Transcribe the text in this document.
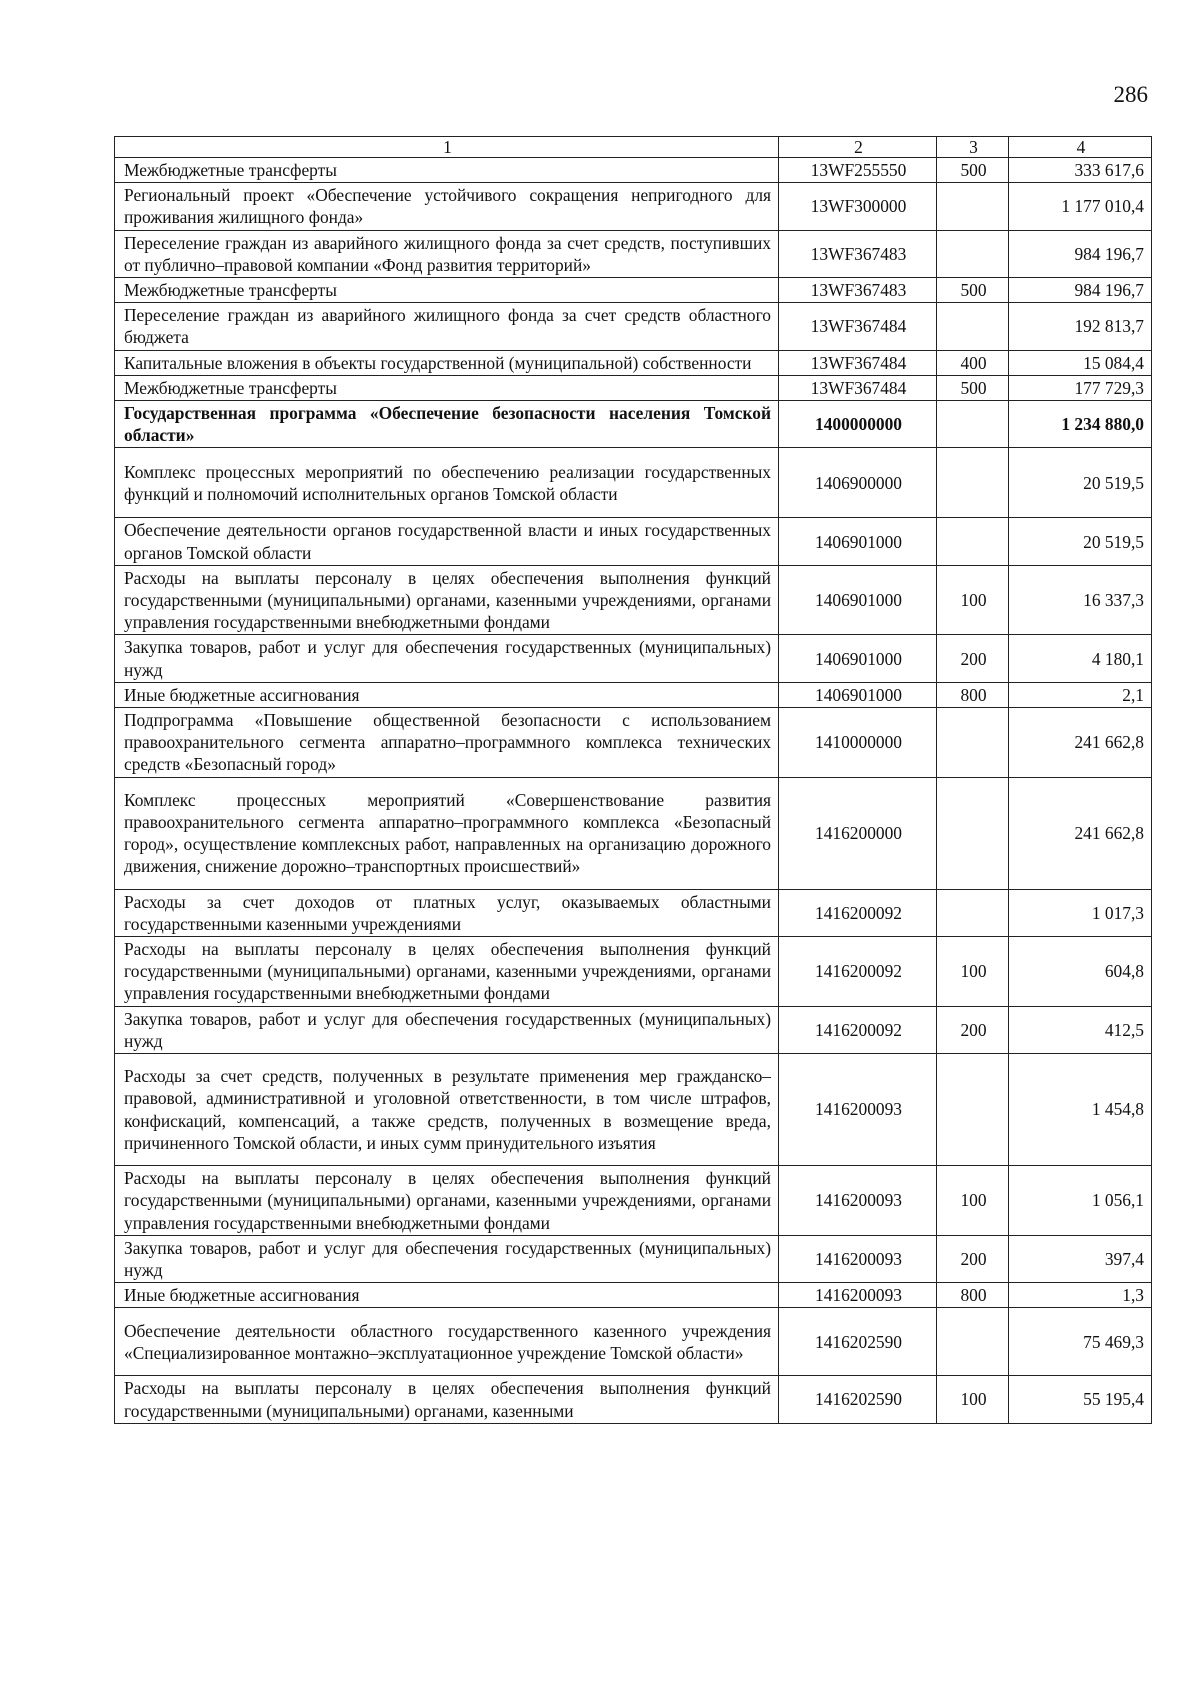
286
1	2	3	4
Межбюджетные трансферты	13WF255550	500	333 617,6
Региональный проект «Обеспечение устойчивого сокращения непригодного для проживания жилищного фонда»	13WF300000		1 177 010,4
Переселение граждан из аварийного жилищного фонда за счет средств, поступивших от публично–правовой компании «Фонд развития территорий»	13WF367483		984 196,7
Межбюджетные трансферты	13WF367483	500	984 196,7
Переселение граждан из аварийного жилищного фонда за счет средств областного бюджета	13WF367484		192 813,7
Капитальные вложения в объекты государственной (муниципальной) собственности	13WF367484	400	15 084,4
Межбюджетные трансферты	13WF367484	500	177 729,3
Государственная программа «Обеспечение безопасности населения Томской области»	1400000000		1 234 880,0
Комплекс процессных мероприятий по обеспечению реализации государственных функций и полномочий исполнительных органов Томской области	1406900000		20 519,5
Обеспечение деятельности органов государственной власти и иных государственных органов Томской области	1406901000		20 519,5
Расходы на выплаты персоналу в целях обеспечения выполнения функций государственными (муниципальными) органами, казенными учреждениями, органами управления государственными внебюджетными фондами	1406901000	100	16 337,3
Закупка товаров, работ и услуг для обеспечения государственных (муниципальных) нужд	1406901000	200	4 180,1
Иные бюджетные ассигнования	1406901000	800	2,1
Подпрограмма «Повышение общественной безопасности с использованием правоохранительного сегмента аппаратно–программного комплекса технических средств «Безопасный город»	1410000000		241 662,8
Комплекс процессных мероприятий «Совершенствование развития правоохранительного сегмента аппаратно–программного комплекса «Безопасный город», осуществление комплексных работ, направленных на организацию дорожного движения, снижение дорожно–транспортных происшествий»	1416200000		241 662,8
Расходы за счет доходов от платных услуг, оказываемых областными государственными казенными учреждениями	1416200092		1 017,3
Расходы на выплаты персоналу в целях обеспечения выполнения функций государственными (муниципальными) органами, казенными учреждениями, органами управления государственными внебюджетными фондами	1416200092	100	604,8
Закупка товаров, работ и услуг для обеспечения государственных (муниципальных) нужд	1416200092	200	412,5
Расходы за счет средств, полученных в результате применения мер гражданско–правовой, административной и уголовной ответственности, в том числе штрафов, конфискаций, компенсаций, а также средств, полученных в возмещение вреда, причиненного Томской области, и иных сумм принудительного изъятия	1416200093		1 454,8
Расходы на выплаты персоналу в целях обеспечения выполнения функций государственными (муниципальными) органами, казенными учреждениями, органами управления государственными внебюджетными фондами	1416200093	100	1 056,1
Закупка товаров, работ и услуг для обеспечения государственных (муниципальных) нужд	1416200093	200	397,4
Иные бюджетные ассигнования	1416200093	800	1,3
Обеспечение деятельности областного государственного казенного учреждения «Специализированное монтажно–эксплуатационное учреждение Томской области»	1416202590		75 469,3
Расходы на выплаты персоналу в целях обеспечения выполнения функций государственными (муниципальными) органами, казенными	1416202590	100	55 195,4
